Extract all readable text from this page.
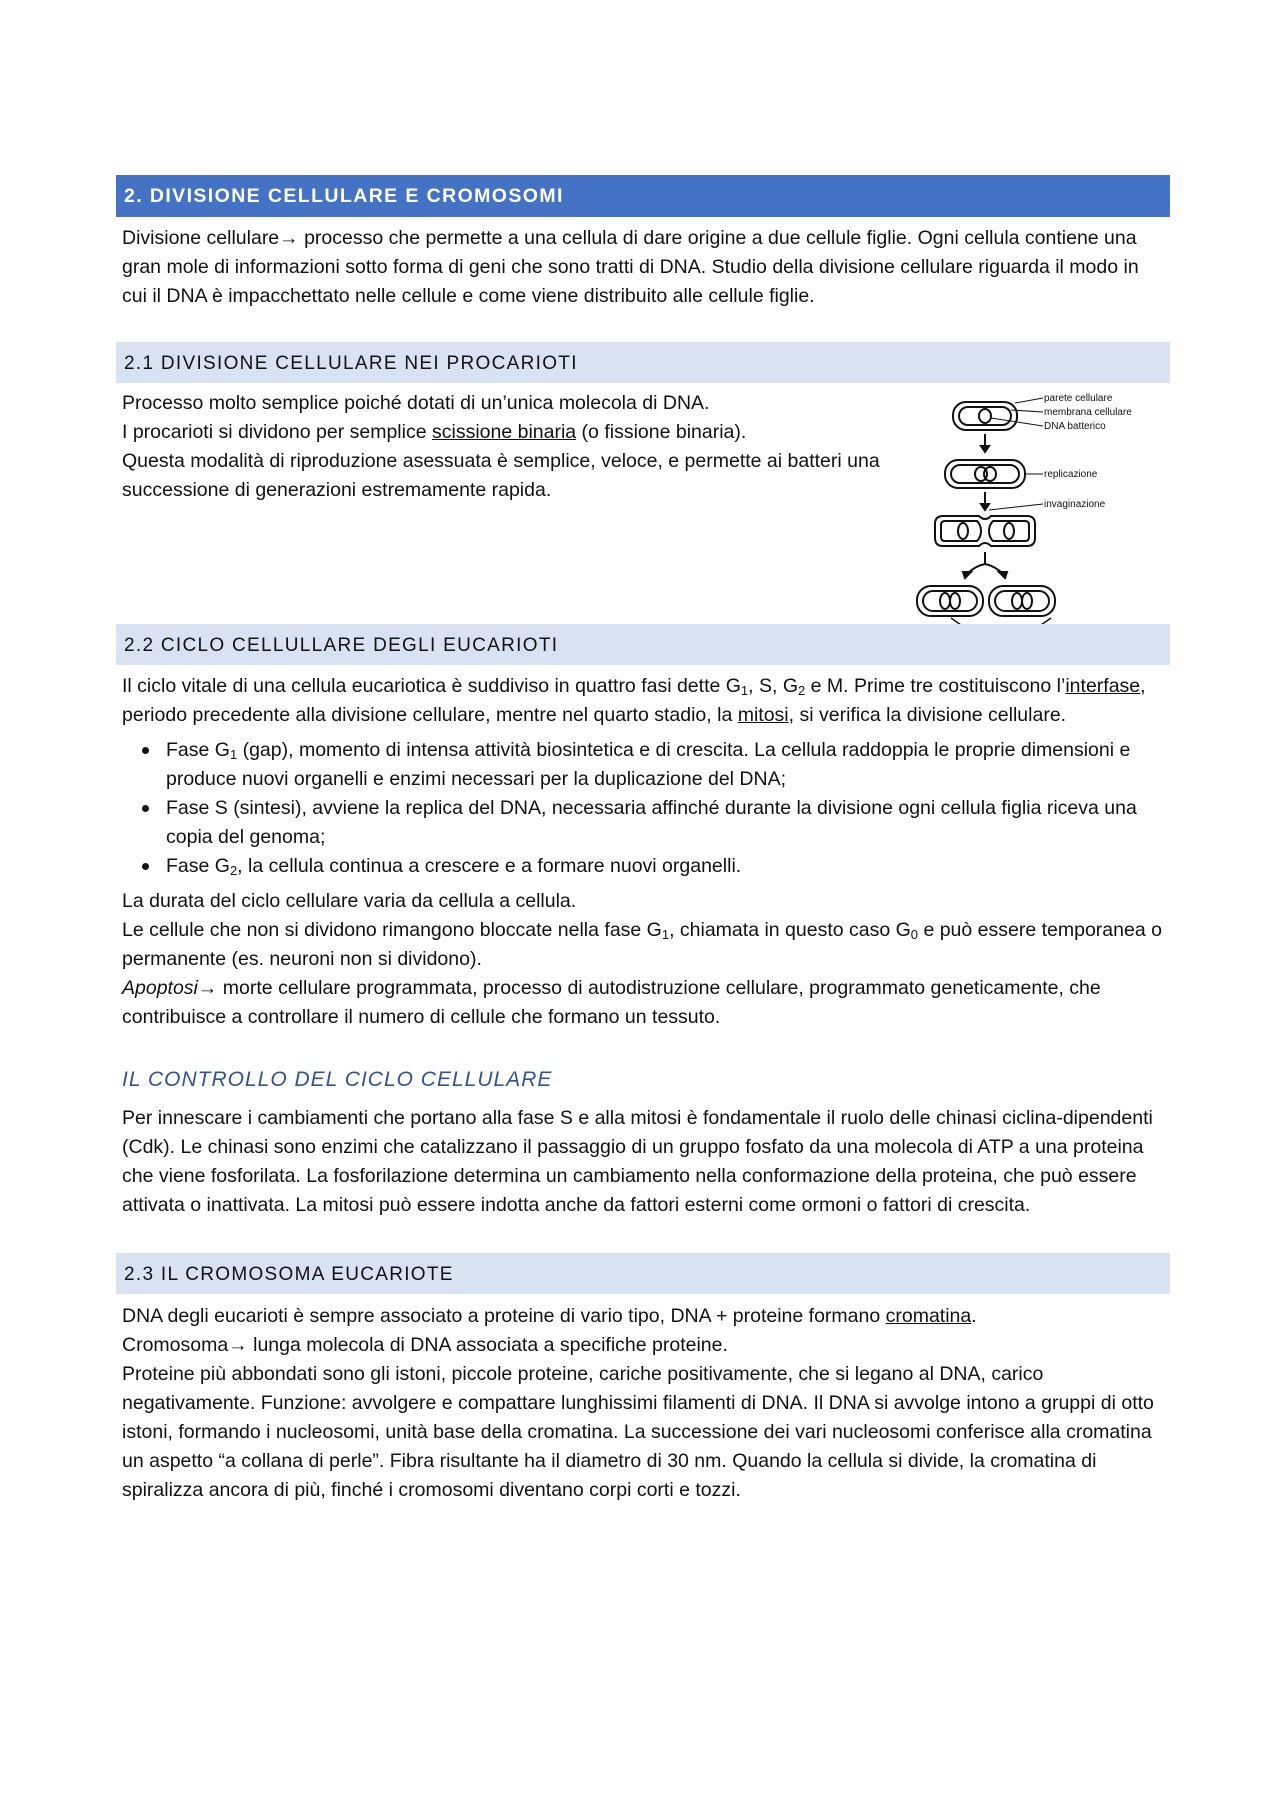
2. DIVISIONE CELLULARE E CROMOSOMI

Divisione cellulare→ processo che permette a una cellula di dare origine a due cellule figlie. Ogni cellula contiene una gran mole di informazioni sotto forma di geni che sono tratti di DNA. Studio della divisione cellulare riguarda il modo in cui il DNA è impacchettato nelle cellule e come viene distribuito alle cellule figlie.

2.1 DIVISIONE CELLULARE NEI PROCARIOTI

Processo molto semplice poiché dotati di un’unica molecola di DNA.

I procarioti si dividono per semplice scissione binaria (o fissione binaria).

Questa modalità di riproduzione asessuata è semplice, veloce, e permette ai batteri una successione di generazioni estremamente rapida.

parete cellulare
membrana cellulare
DNA batterico
replicazione
invaginazione
2.2 CICLO CELLULLARE DEGLI EUCARIOTI

Il ciclo vitale di una cellula eucariotica è suddiviso in quattro fasi dette $G_1$, S, $G_2$ e M. Prime tre costituiscono l’interfase, periodo precedente alla divisione cellulare, mentre nel quarto stadio, la mitosi, si verifica la divisione cellulare.

Fase $G_1$ (gap), momento di intensa attività biosintetica e di crescita. La cellula raddoppia le proprie dimensioni e produce nuovi organelli e enzimi necessari per la duplicazione del DNA;
Fase S (sintesi), avviene la replica del DNA, necessaria affinché durante la divisione ogni cellula figlia riceva una copia del genoma;
Fase $G_2$, la cellula continua a crescere e a formare nuovi organelli.

La durata del ciclo cellulare varia da cellula a cellula.

Le cellule che non si dividono rimangono bloccate nella fase $G_1$, chiamata in questo caso $G_0$ e può essere temporanea o permanente (es. neuroni non si dividono).

Apoptosi→ morte cellulare programmata, processo di autodistruzione cellulare, programmato geneticamente, che contribuisce a controllare il numero di cellule che formano un tessuto.

IL CONTROLLO DEL CICLO CELLULARE

Per innescare i cambiamenti che portano alla fase S e alla mitosi è fondamentale il ruolo delle chinasi ciclina-dipendenti (Cdk). Le chinasi sono enzimi che catalizzano il passaggio di un gruppo fosfato da una molecola di ATP a una proteina che viene fosforilata. La fosforilazione determina un cambiamento nella conformazione della proteina, che può essere attivata o inattivata. La mitosi può essere indotta anche da fattori esterni come ormoni o fattori di crescita.

2.3 IL CROMOSOMA EUCARIOTE

DNA degli eucarioti è sempre associato a proteine di vario tipo, DNA + proteine formano cromatina.

Cromosoma→ lunga molecola di DNA associata a specifiche proteine.

Proteine più abbondati sono gli istoni, piccole proteine, cariche positivamente, che si legano al DNA, carico negativamente. Funzione: avvolgere e compattare lunghissimi filamenti di DNA. Il DNA si avvolge intono a gruppi di otto istoni, formando i nucleosomi, unità base della cromatina. La successione dei vari nucleosomi conferisce alla cromatina un aspetto “a collana di perle”. Fibra risultante ha il diametro di 30 nm. Quando la cellula si divide, la cromatina di spiralizza ancora di più, finché i cromosomi diventano corpi corti e tozzi.
